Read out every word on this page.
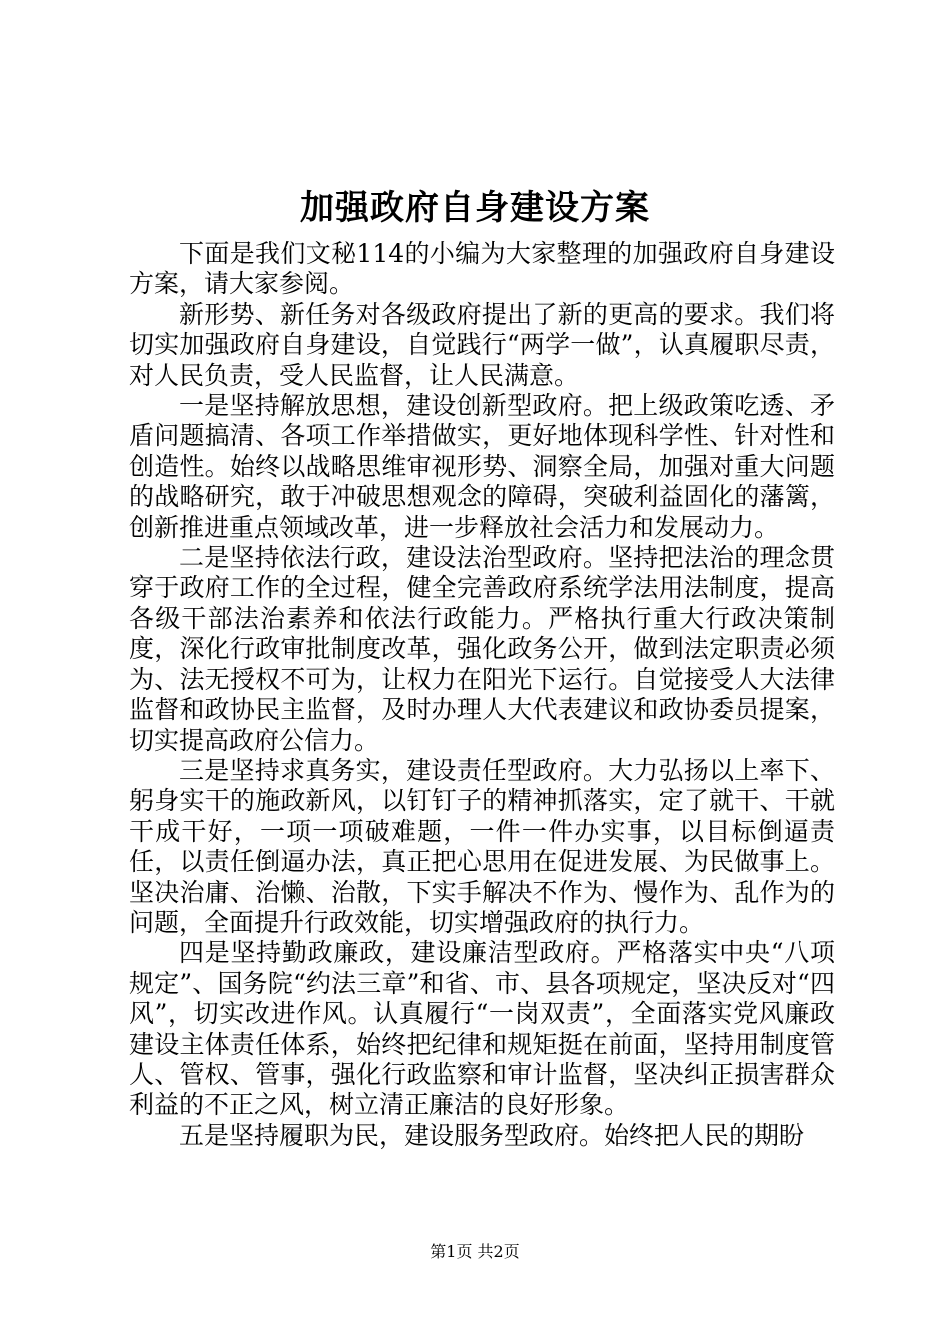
加强政府自身建设方案

下面是我们文秘114的小编为大家整理的加强政府自身建设方案，请大家参阅。

新形势、新任务对各级政府提出了新的更高的要求。我们将切实加强政府自身建设，自觉践行“两学一做”，认真履职尽责，对人民负责，受人民监督，让人民满意。

一是坚持解放思想，建设创新型政府。把上级政策吃透、矛盾问题搞清、各项工作举措做实，更好地体现科学性、针对性和创造性。始终以战略思维审视形势、洞察全局，加强对重大问题的战略研究，敢于冲破思想观念的障碍，突破利益固化的藩篱，创新推进重点领域改革，进一步释放社会活力和发展动力。

二是坚持依法行政，建设法治型政府。坚持把法治的理念贯穿于政府工作的全过程，健全完善政府系统学法用法制度，提高各级干部法治素养和依法行政能力。严格执行重大行政决策制度，深化行政审批制度改革，强化政务公开，做到法定职责必须为、法无授权不可为，让权力在阳光下运行。自觉接受人大法律监督和政协民主监督，及时办理人大代表建议和政协委员提案，切实提高政府公信力。

三是坚持求真务实，建设责任型政府。大力弘扬以上率下、躬身实干的施政新风，以钉钉子的精神抓落实，定了就干、干就干成干好，一项一项破难题，一件一件办实事，以目标倒逼责任，以责任倒逼办法，真正把心思用在促进发展、为民做事上。坚决治庸、治懒、治散，下实手解决不作为、慢作为、乱作为的问题，全面提升行政效能，切实增强政府的执行力。

四是坚持勤政廉政，建设廉洁型政府。严格落实中央“八项规定”、国务院“约法三章”和省、市、县各项规定，坚决反对“四风”，切实改进作风。认真履行“一岗双责”，全面落实党风廉政建设主体责任体系，始终把纪律和规矩挺在前面，坚持用制度管人、管权、管事，强化行政监察和审计监督，坚决纠正损害群众利益的不正之风，树立清正廉洁的良好形象。

五是坚持履职为民，建设服务型政府。始终把人民的期盼

第1页 共2页
